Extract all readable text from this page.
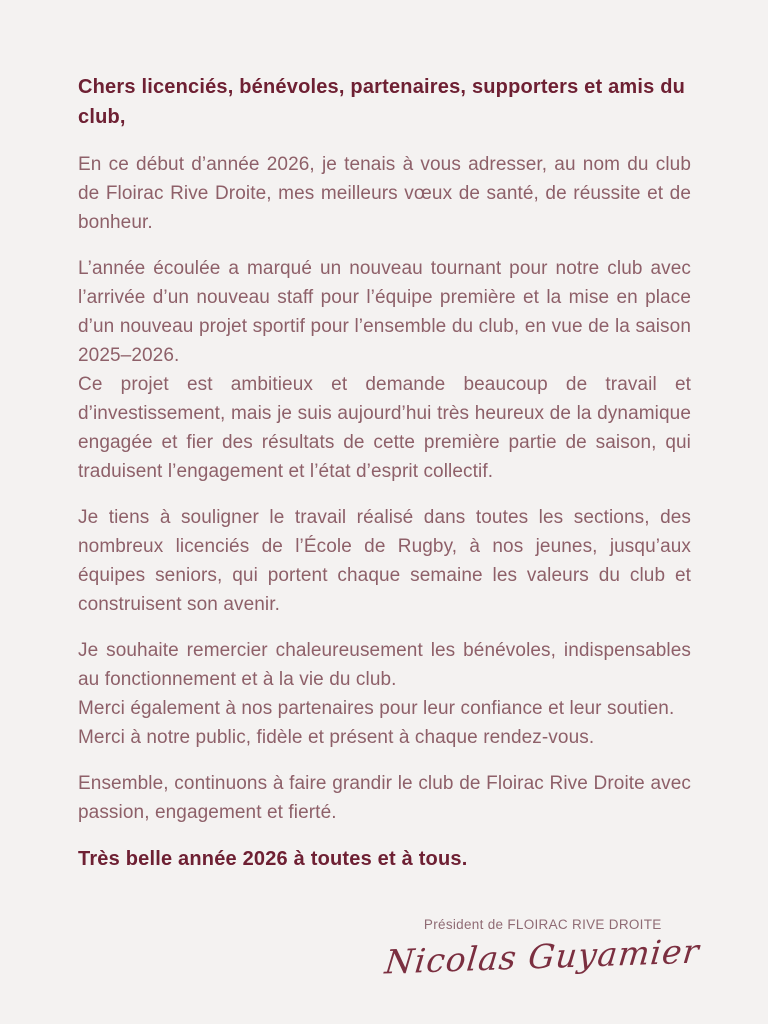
Chers licenciés, bénévoles, partenaires, supporters et amis du club,

En ce début d’année 2026, je tenais à vous adresser, au nom du club de Floirac Rive Droite, mes meilleurs vœux de santé, de réussite et de bonheur.

L’année écoulée a marqué un nouveau tournant pour notre club avec l’arrivée d’un nouveau staff pour l’équipe première et la mise en place d’un nouveau projet sportif pour l’ensemble du club, en vue de la saison 2025–2026.

Ce projet est ambitieux et demande beaucoup de travail et d’investissement, mais je suis aujourd’hui très heureux de la dynamique engagée et fier des résultats de cette première partie de saison, qui traduisent l’engagement et l’état d’esprit collectif.

Je tiens à souligner le travail réalisé dans toutes les sections, des nombreux licenciés de l’École de Rugby, à nos jeunes, jusqu’aux équipes seniors, qui portent chaque semaine les valeurs du club et construisent son avenir.

Je souhaite remercier chaleureusement les bénévoles, indispensables au fonctionnement et à la vie du club.

Merci également à nos partenaires pour leur confiance et leur soutien.

Merci à notre public, fidèle et présent à chaque rendez-vous.

Ensemble, continuons à faire grandir le club de Floirac Rive Droite avec passion, engagement et fierté.

Très belle année 2026 à toutes et à tous.

Président de FLOIRAC RIVE DROITE
Nicolas Guyamier
